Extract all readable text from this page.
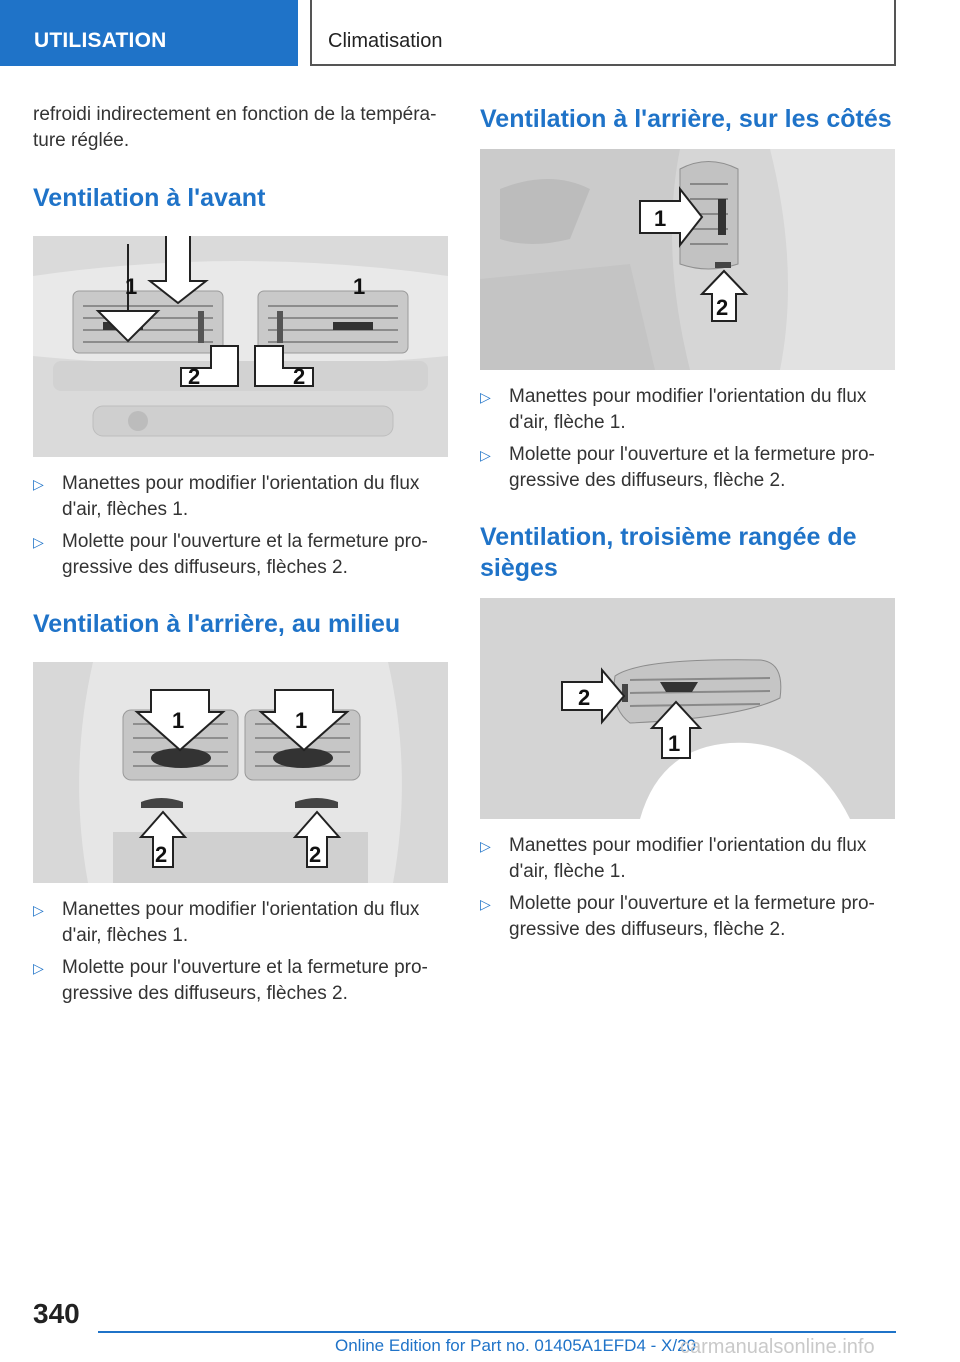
UTILISATION	Climatisation

refroidi indirectement en fonction de la tempéra-ture réglée.

Ventilation à l'avant
1	1
2	2
▷ Manettes pour modifier l'orientation du flux d'air, flèches 1.
▷ Molette pour l'ouverture et la fermeture pro-gressive des diffuseurs, flèches 2.
Ventilation à l'arrière, au milieu
1	1
2	2
▷ Manettes pour modifier l'orientation du flux d'air, flèches 1.
▷ Molette pour l'ouverture et la fermeture pro-gressive des diffuseurs, flèches 2.
Ventilation à l'arrière, sur les côtés
1
2
▷ Manettes pour modifier l'orientation du flux d'air, flèche 1.
▷ Molette pour l'ouverture et la fermeture pro-gressive des diffuseurs, flèche 2.
Ventilation, troisième rangée de sièges
2
1
▷ Manettes pour modifier l'orientation du flux d'air, flèche 1.
▷ Molette pour l'ouverture et la fermeture pro-gressive des diffuseurs, flèche 2.
340
Online Edition for Part no. 01405A1EFD4 - X/20
carmanualsonline.info
